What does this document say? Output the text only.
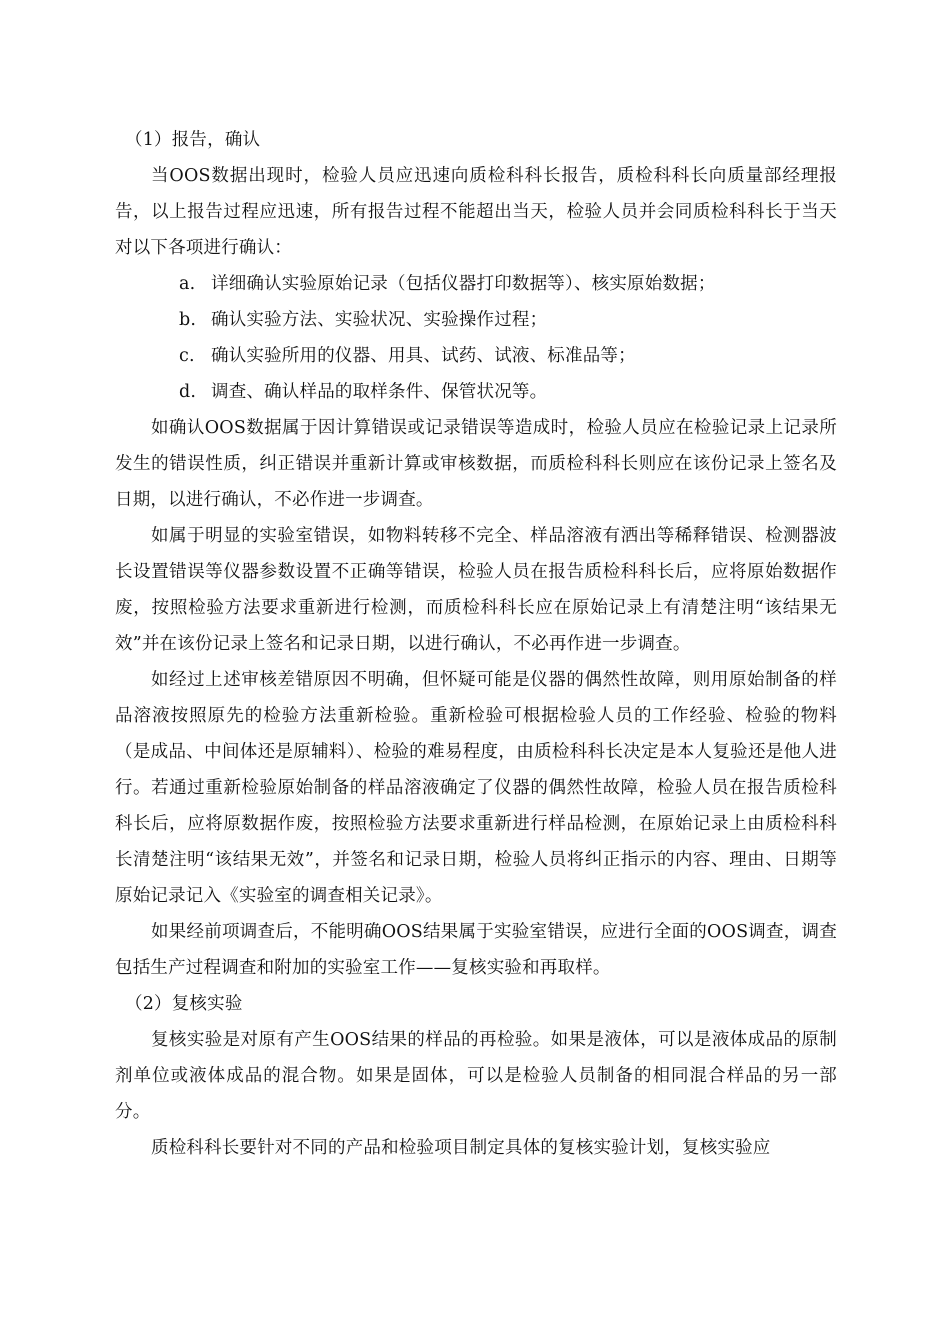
（1）报告，确认

当OOS数据出现时，检验人员应迅速向质检科科长报告，质检科科长向质量部经理报告，以上报告过程应迅速，所有报告过程不能超出当天，检验人员并会同质检科科长于当天对以下各项进行确认：

a. 详细确认实验原始记录（包括仪器打印数据等）、核实原始数据；

b. 确认实验方法、实验状况、实验操作过程；

c. 确认实验所用的仪器、用具、试药、试液、标准品等；

d. 调查、确认样品的取样条件、保管状况等。

如确认OOS数据属于因计算错误或记录错误等造成时，检验人员应在检验记录上记录所发生的错误性质，纠正错误并重新计算或审核数据，而质检科科长则应在该份记录上签名及日期，以进行确认，不必作进一步调查。

如属于明显的实验室错误，如物料转移不完全、样品溶液有洒出等稀释错误、检测器波长设置错误等仪器参数设置不正确等错误，检验人员在报告质检科科长后，应将原始数据作废，按照检验方法要求重新进行检测，而质检科科长应在原始记录上有清楚注明“该结果无效”并在该份记录上签名和记录日期，以进行确认，不必再作进一步调查。

如经过上述审核差错原因不明确，但怀疑可能是仪器的偶然性故障，则用原始制备的样品溶液按照原先的检验方法重新检验。重新检验可根据检验人员的工作经验、检验的物料（是成品、中间体还是原辅料）、检验的难易程度，由质检科科长决定是本人复验还是他人进行。若通过重新检验原始制备的样品溶液确定了仪器的偶然性故障，检验人员在报告质检科科长后，应将原数据作废，按照检验方法要求重新进行样品检测，在原始记录上由质检科科长清楚注明“该结果无效”，并签名和记录日期，检验人员将纠正指示的内容、理由、日期等原始记录记入《实验室的调查相关记录》。

如果经前项调查后，不能明确OOS结果属于实验室错误，应进行全面的OOS调查，调查包括生产过程调查和附加的实验室工作——复核实验和再取样。

（2）复核实验

复核实验是对原有产生OOS结果的样品的再检验。如果是液体，可以是液体成品的原制剂单位或液体成品的混合物。如果是固体，可以是检验人员制备的相同混合样品的另一部分。

质检科科长要针对不同的产品和检验项目制定具体的复核实验计划，复核实验应
